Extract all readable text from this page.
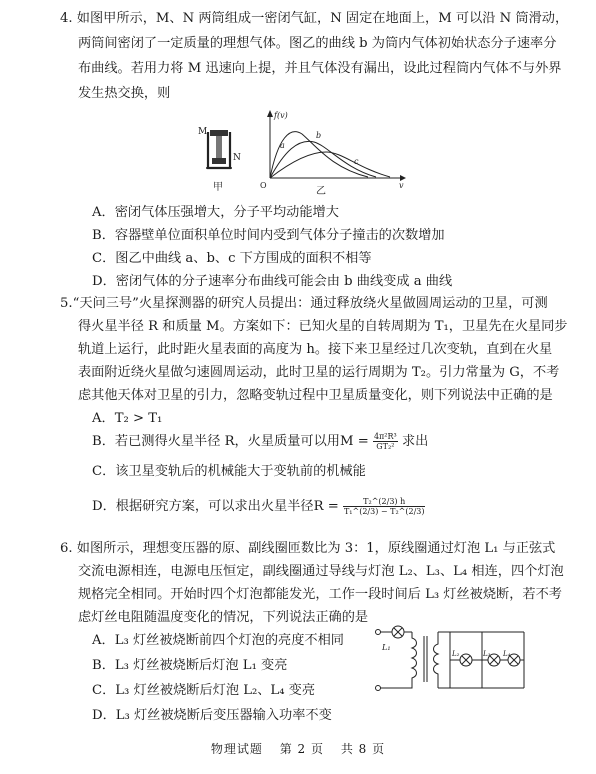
4. 如图甲所示，M、N 两筒组成一密闭气缸，N 固定在地面上，M 可以沿 N 筒滑动，
两筒间密闭了一定质量的理想气体。图乙的曲线 b 为筒内气体初始状态分子速率分
布曲线。若用力将 M 迅速向上提，并且气体没有漏出，设此过程筒内气体不与外界
发生热交换，则
M
N
甲
f(v)
v
O
a
b
c
乙
A．密闭气体压强增大，分子平均动能增大
B．容器壁单位面积单位时间内受到气体分子撞击的次数增加
C．图乙中曲线 a、b、c 下方围成的面积不相等
D．密闭气体的分子速率分布曲线可能会由 b 曲线变成 a 曲线
5.“天问三号”火星探测器的研究人员提出：通过释放绕火星做圆周运动的卫星，可测
得火星半径 R 和质量 M。方案如下：已知火星的自转周期为 T₁，卫星先在火星同步
轨道上运行，此时距火星表面的高度为 h。接下来卫星经过几次变轨，直到在火星
表面附近绕火星做匀速圆周运动，此时卫星的运行周期为 T₂。引力常量为 G，不考
虑其他天体对卫星的引力，忽略变轨过程中卫星质量变化，则下列说法中正确的是
A．T₂ > T₁
B．若已测得火星半径 R，火星质量可以用$M = \frac{\text{4π²R³}}{\text{GT₂²}}$ 求出
C．该卫星变轨后的机械能大于变轨前的机械能
D．根据研究方案，可以求出火星半径$R = \frac{\text{T₂\textasciicircum{}(2/3) h}}{\text{T₁\textasciicircum{}(2/3) − T₂\textasciicircum{}(2/3)}}$
6. 如图所示，理想变压器的原、副线圈匝数比为 3：1，原线圈通过灯泡 L₁ 与正弦式
交流电源相连，电源电压恒定，副线圈通过导线与灯泡 L₂、L₃、L₄ 相连，四个灯泡
规格完全相同。开始时四个灯泡都能发光，工作一段时间后 L₃ 灯丝被烧断，若不考
虑灯丝电阻随温度变化的情况，下列说法正确的是
A．L₃ 灯丝被烧断前四个灯泡的亮度不相同
B．L₃ 灯丝被烧断后灯泡 L₁ 变亮
C．L₃ 灯丝被烧断后灯泡 L₂、L₄ 变亮
D．L₃ 灯丝被烧断后变压器输入功率不变
L₁
L₂	L₃ L₄
物理试题 第 2 页 共 8 页
